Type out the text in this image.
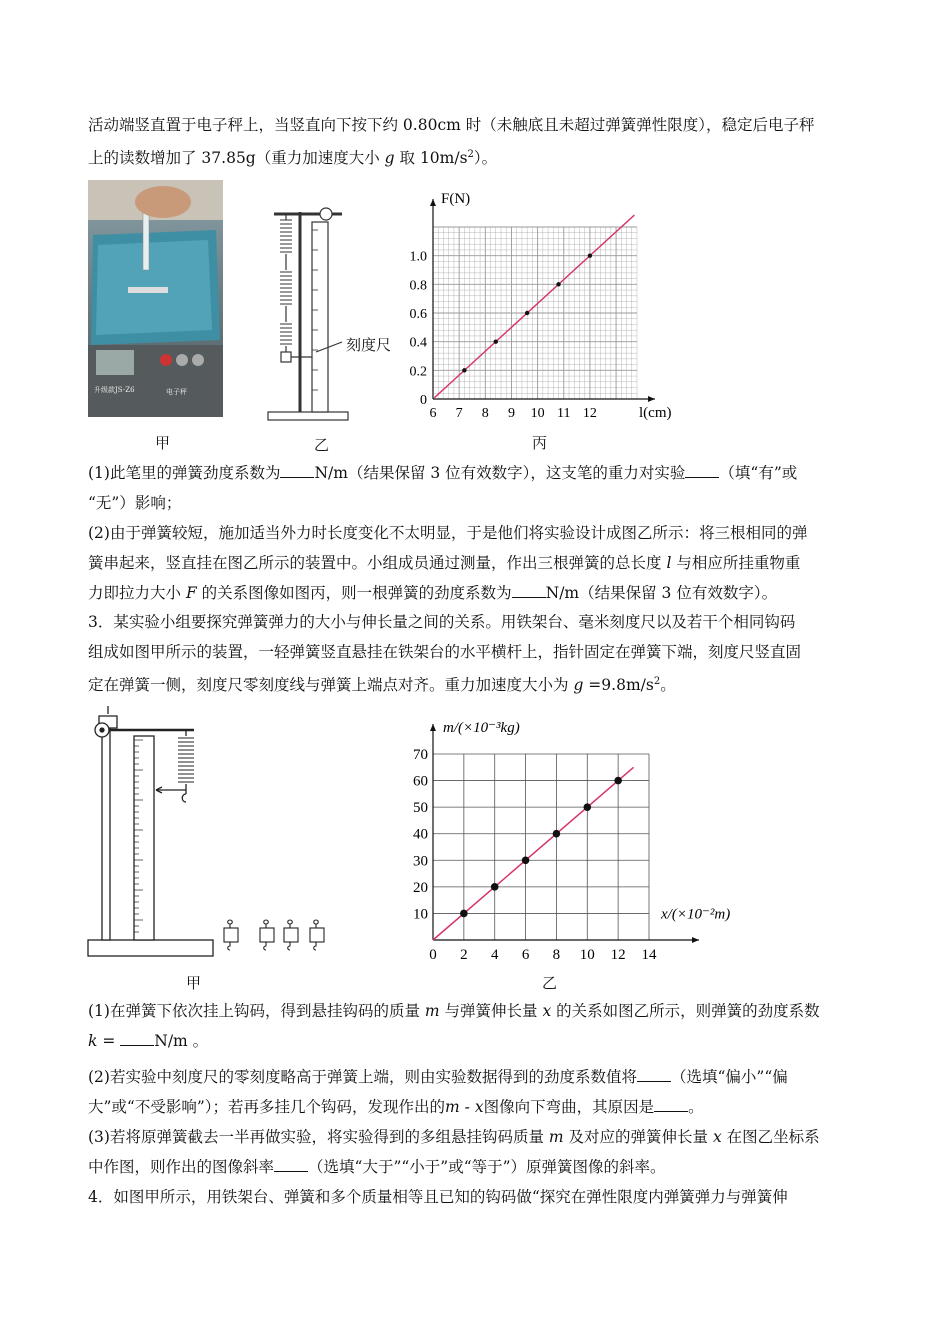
活动端竖直置于电子秤上，当竖直向下按下约 0.80cm 时（未触底且未超过弹簧弹性限度），稳定后电子秤
上的读数增加了 37.85g（重力加速度大小 g 取 $10m/s^2$）。

升级款JS-Z6	电子秤
甲
刻度尺
乙
6 7 8 9 10 11 12
0
0.2
0.4
0.6
0.8
1.0
l(cm)
F(N)
丙

(1)此笔里的弹簧劲度系数为 N/m（结果保留 3 位有效数字），这支笔的重力对实验 （填“有”或
“无”）影响；

(2)由于弹簧较短，施加适当外力时长度变化不太明显，于是他们将实验设计成图乙所示：将三根相同的弹
簧串起来，竖直挂在图乙所示的装置中。小组成员通过测量，作出三根弹簧的总长度 l 与相应所挂重物重
力即拉力大小 F 的关系图像如图丙，则一根弹簧的劲度系数为 N/m（结果保留 3 位有效数字）。

3．某实验小组要探究弹簧弹力的大小与伸长量之间的关系。用铁架台、毫米刻度尺以及若干个相同钩码
组成如图甲所示的装置，一轻弹簧竖直悬挂在铁架台的水平横杆上，指针固定在弹簧下端，刻度尺竖直固
定在弹簧一侧，刻度尺零刻度线与弹簧上端点对齐。重力加速度大小为 $g =9.8m/s^2$。

甲
0 2 4 6 8 10 12 14
10
20
30
40
50
60
70
x/(×10⁻²m)
m/(×10⁻³kg)
乙

(1)在弹簧下依次挂上钩码，得到悬挂钩码的质量 m 与弹簧伸长量 x 的关系如图乙所示，则弹簧的劲度系数
k = N/m 。

(2)若实验中刻度尺的零刻度略高于弹簧上端，则由实验数据得到的劲度系数值将 （选填“偏小”“偏
大”或“不受影响”）；若再多挂几个钩码，发现作出的m - x图像向下弯曲，其原因是 。

(3)若将原弹簧截去一半再做实验，将实验得到的多组悬挂钩码质量 m 及对应的弹簧伸长量 x 在图乙坐标系
中作图，则作出的图像斜率 （选填“大于”“小于”或“等于”）原弹簧图像的斜率。

4．如图甲所示，用铁架台、弹簧和多个质量相等且已知的钩码做“探究在弹性限度内弹簧弹力与弹簧伸
